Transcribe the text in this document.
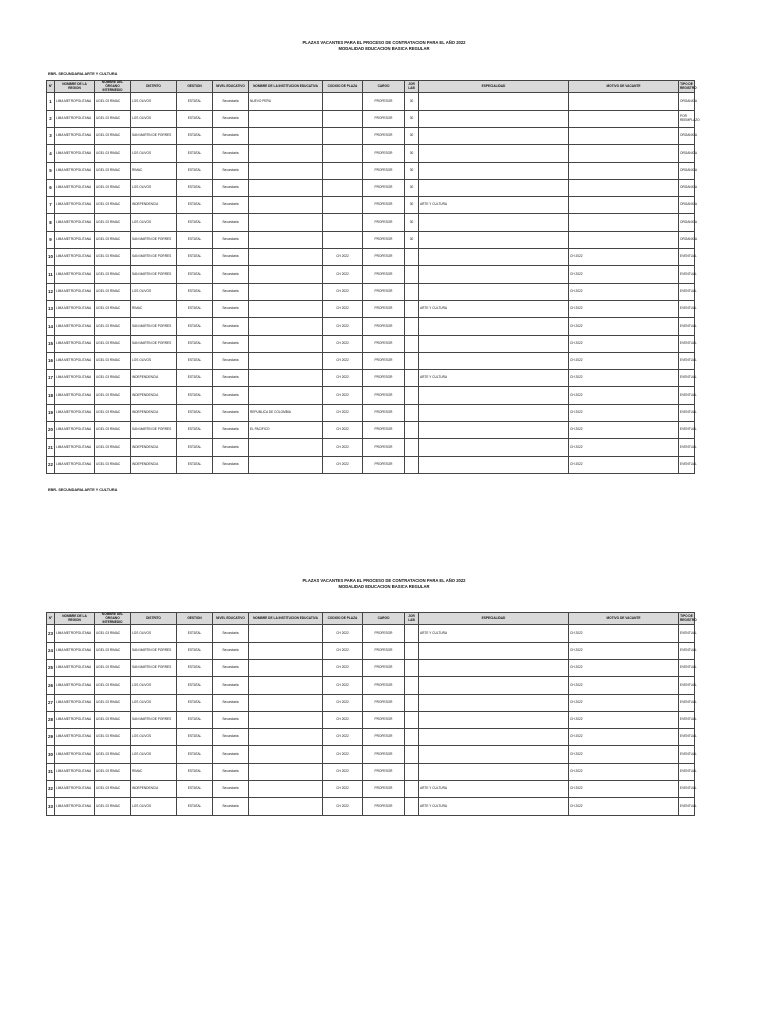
PLAZAS VACANTES PARA EL PROCESO DE CONTRATACION PARA EL AÑO 2022
MODALIDAD EDUCACION BASICA REGULAR
EBR- SECUNDARIA ARTE Y CULTURA
N°	NOMBRE DE LA REGION	NOMBRE DEL ÓRGANO INTERMEDIO	DISTRITO	GESTION	NIVEL EDUCATIVO	NOMBRE DE LA INSTITUCION EDUCATIVA	CODIGO DE PLAZA	CARGO	JOR LAB	ESPECIALIDAD	MOTIVO DE VACANTE	TIPO DE REGISTRO
1	LIMA METROPOLITANA	UGEL 03 RIMAC	LOS OLIVOS	ESTATAL	Secundaria	NUEVO PERU		PROFESOR	30			ORGANICA
2	LIMA METROPOLITANA	UGEL 03 RIMAC	LOS OLIVOS	ESTATAL	Secundaria			PROFESOR	30			POR REEMPLAZO
3	LIMA METROPOLITANA	UGEL 03 RIMAC	SAN MARTIN DE PORRES	ESTATAL	Secundaria			PROFESOR	30			ORGANICA
4	LIMA METROPOLITANA	UGEL 03 RIMAC	LOS OLIVOS	ESTATAL	Secundaria			PROFESOR	30			ORGANICA
5	LIMA METROPOLITANA	UGEL 03 RIMAC	RIMAC	ESTATAL	Secundaria			PROFESOR	30			ORGANICA
6	LIMA METROPOLITANA	UGEL 03 RIMAC	LOS OLIVOS	ESTATAL	Secundaria			PROFESOR	30			ORGANICA
7	LIMA METROPOLITANA	UGEL 03 RIMAC	INDEPENDENCIA	ESTATAL	Secundaria			PROFESOR	30	ARTE Y CULTURA		ORGANICA
8	LIMA METROPOLITANA	UGEL 03 RIMAC	LOS OLIVOS	ESTATAL	Secundaria			PROFESOR	30			ORGANICA
9	LIMA METROPOLITANA	UGEL 03 RIMAC	SAN MARTIN DE PORRES	ESTATAL	Secundaria			PROFESOR	30			ORGANICA
10	LIMA METROPOLITANA	UGEL 03 RIMAC	SAN MARTIN DE PORRES	ESTATAL	Secundaria		CH 2022	PROFESOR			CH 2022	EVENTUAL
11	LIMA METROPOLITANA	UGEL 03 RIMAC	SAN MARTIN DE PORRES	ESTATAL	Secundaria		CH 2022	PROFESOR			CH 2022	EVENTUAL
12	LIMA METROPOLITANA	UGEL 03 RIMAC	LOS OLIVOS	ESTATAL	Secundaria		CH 2022	PROFESOR			CH 2022	EVENTUAL
13	LIMA METROPOLITANA	UGEL 03 RIMAC	RIMAC	ESTATAL	Secundaria		CH 2022	PROFESOR		ARTE Y CULTURA	CH 2022	EVENTUAL
14	LIMA METROPOLITANA	UGEL 03 RIMAC	SAN MARTIN DE PORRES	ESTATAL	Secundaria		CH 2022	PROFESOR			CH 2022	EVENTUAL
15	LIMA METROPOLITANA	UGEL 03 RIMAC	SAN MARTIN DE PORRES	ESTATAL	Secundaria		CH 2022	PROFESOR			CH 2022	EVENTUAL
16	LIMA METROPOLITANA	UGEL 03 RIMAC	LOS OLIVOS	ESTATAL	Secundaria		CH 2022	PROFESOR			CH 2022	EVENTUAL
17	LIMA METROPOLITANA	UGEL 03 RIMAC	INDEPENDENCIA	ESTATAL	Secundaria		CH 2022	PROFESOR		ARTE Y CULTURA	CH 2022	EVENTUAL
18	LIMA METROPOLITANA	UGEL 03 RIMAC	INDEPENDENCIA	ESTATAL	Secundaria		CH 2022	PROFESOR			CH 2022	EVENTUAL
19	LIMA METROPOLITANA	UGEL 03 RIMAC	INDEPENDENCIA	ESTATAL	Secundaria	REPUBLICA DE COLOMBIA	CH 2022	PROFESOR			CH 2022	EVENTUAL
20	LIMA METROPOLITANA	UGEL 03 RIMAC	SAN MARTIN DE PORRES	ESTATAL	Secundaria	EL PACIFICO	CH 2022	PROFESOR			CH 2022	EVENTUAL
21	LIMA METROPOLITANA	UGEL 03 RIMAC	INDEPENDENCIA	ESTATAL	Secundaria		CH 2022	PROFESOR			CH 2022	EVENTUAL
22	LIMA METROPOLITANA	UGEL 03 RIMAC	INDEPENDENCIA	ESTATAL	Secundaria		CH 2022	PROFESOR			CH 2022	EVENTUAL
EBR- SECUNDARIA ARTE Y CULTURA
PLAZAS VACANTES PARA EL PROCESO DE CONTRATACION PARA EL AÑO 2022
MODALIDAD EDUCACION BASICA REGULAR
N°	NOMBRE DE LA REGION	NOMBRE DEL ÓRGANO INTERMEDIO	DISTRITO	GESTION	NIVEL EDUCATIVO	NOMBRE DE LA INSTITUCION EDUCATIVA	CODIGO DE PLAZA	CARGO	JOR LAB	ESPECIALIDAD	MOTIVO DE VACANTE	TIPO DE REGISTRO
23	LIMA METROPOLITANA	UGEL 03 RIMAC	LOS OLIVOS	ESTATAL	Secundaria		CH 2022	PROFESOR		ARTE Y CULTURA	CH 2022	EVENTUAL
24	LIMA METROPOLITANA	UGEL 03 RIMAC	SAN MARTIN DE PORRES	ESTATAL	Secundaria		CH 2022	PROFESOR			CH 2022	EVENTUAL
25	LIMA METROPOLITANA	UGEL 03 RIMAC	SAN MARTIN DE PORRES	ESTATAL	Secundaria		CH 2022	PROFESOR			CH 2022	EVENTUAL
26	LIMA METROPOLITANA	UGEL 03 RIMAC	LOS OLIVOS	ESTATAL	Secundaria		CH 2022	PROFESOR			CH 2022	EVENTUAL
27	LIMA METROPOLITANA	UGEL 03 RIMAC	LOS OLIVOS	ESTATAL	Secundaria		CH 2022	PROFESOR			CH 2022	EVENTUAL
28	LIMA METROPOLITANA	UGEL 03 RIMAC	SAN MARTIN DE PORRES	ESTATAL	Secundaria		CH 2022	PROFESOR			CH 2022	EVENTUAL
29	LIMA METROPOLITANA	UGEL 03 RIMAC	LOS OLIVOS	ESTATAL	Secundaria		CH 2022	PROFESOR			CH 2022	EVENTUAL
30	LIMA METROPOLITANA	UGEL 03 RIMAC	LOS OLIVOS	ESTATAL	Secundaria		CH 2022	PROFESOR			CH 2022	EVENTUAL
31	LIMA METROPOLITANA	UGEL 03 RIMAC	RIMAC	ESTATAL	Secundaria		CH 2022	PROFESOR			CH 2022	EVENTUAL
32	LIMA METROPOLITANA	UGEL 03 RIMAC	INDEPENDENCIA	ESTATAL	Secundaria		CH 2022	PROFESOR		ARTE Y CULTURA	CH 2022	EVENTUAL
33	LIMA METROPOLITANA	UGEL 03 RIMAC	LOS OLIVOS	ESTATAL	Secundaria		CH 2022	PROFESOR		ARTE Y CULTURA	CH 2022	EVENTUAL
